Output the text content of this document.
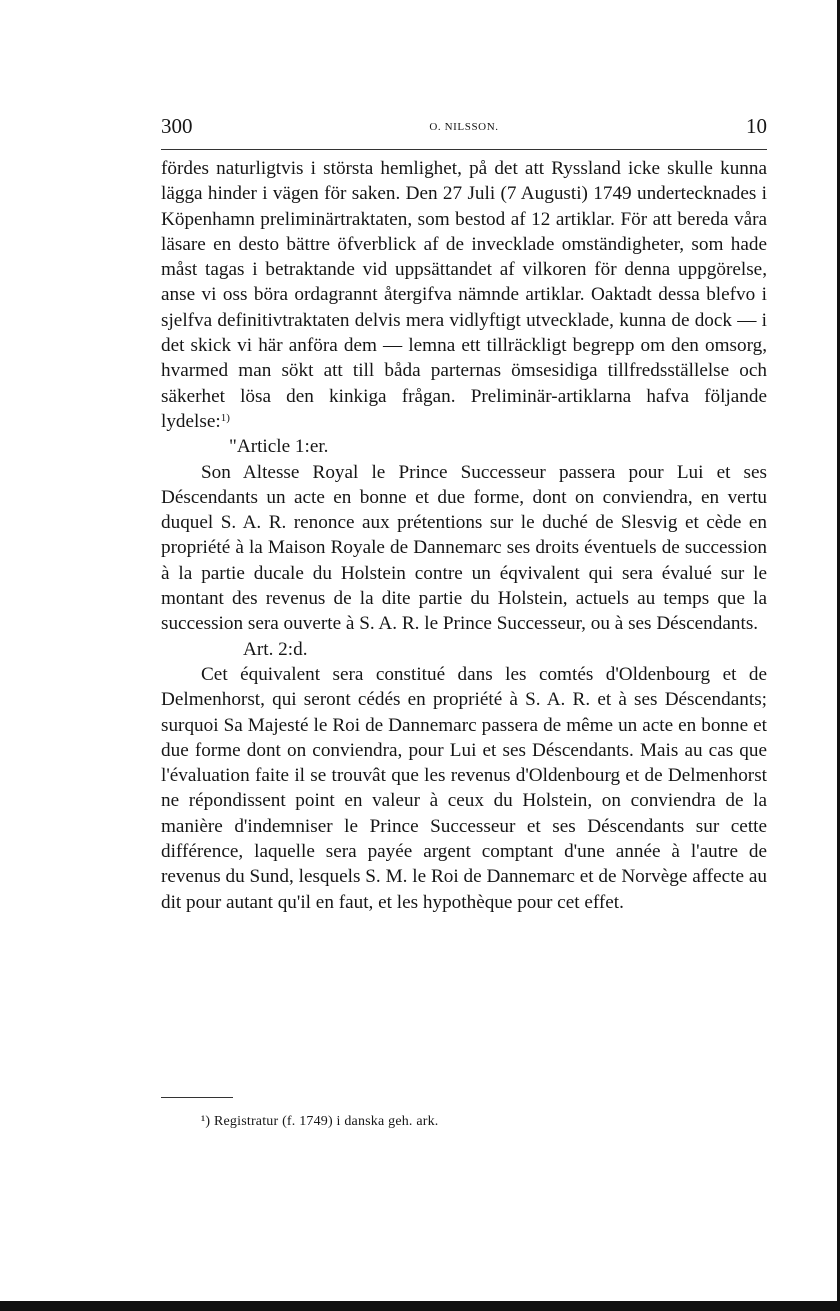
300	O. NILSSON.	10

fördes naturligtvis i största hemlighet, på det att Ryssland icke skulle kunna lägga hinder i vägen för saken. Den 27 Juli (7 Augusti) 1749 undertecknades i Köpenhamn preliminärtraktaten, som bestod af 12 artiklar. För att bereda våra läsare en desto bättre öfverblick af de invecklade omständigheter, som hade måst tagas i betraktande vid uppsättandet af vilkoren för denna uppgörelse, anse vi oss böra ordagrannt återgifva nämnde artiklar. Oaktadt dessa blefvo i sjelfva definitivtraktaten delvis mera vidlyftigt utvecklade, kunna de dock — i det skick vi här anföra dem — lemna ett tillräckligt begrepp om den omsorg, hvarmed man sökt att till båda parternas ömsesidiga tillfredsställelse och säkerhet lösa den kinkiga frågan. Preliminär-artiklarna hafva följande lydelse:$^{1)}$

"Article 1:er.

Son Altesse Royal le Prince Successeur passera pour Lui et ses Déscendants un acte en bonne et due forme, dont on conviendra, en vertu duquel S. A. R. renonce aux prétentions sur le duché de Slesvig et cède en propriété à la Maison Royale de Dannemarc ses droits éventuels de succession à la partie ducale du Holstein contre un éqvivalent qui sera évalué sur le montant des revenus de la dite partie du Holstein, actuels au temps que la succession sera ouverte à S. A. R. le Prince Successeur, ou à ses Déscendants.

Art. 2:d.

Cet équivalent sera constitué dans les comtés d'Oldenbourg et de Delmenhorst, qui seront cédés en propriété à S. A. R. et à ses Déscendants; surquoi Sa Majesté le Roi de Dannemarc passera de même un acte en bonne et due forme dont on conviendra, pour Lui et ses Déscendants. Mais au cas que l'évaluation faite il se trouvât que les revenus d'Oldenbourg et de Delmenhorst ne répondissent point en valeur à ceux du Holstein, on conviendra de la manière d'indemniser le Prince Successeur et ses Déscendants sur cette différence, laquelle sera payée argent comptant d'une année à l'autre de revenus du Sund, lesquels S. M. le Roi de Dannemarc et de Norvège affecte au dit pour autant qu'il en faut, et les hypothèque pour cet effet.

¹) Registratur (f. 1749) i danska geh. ark.
